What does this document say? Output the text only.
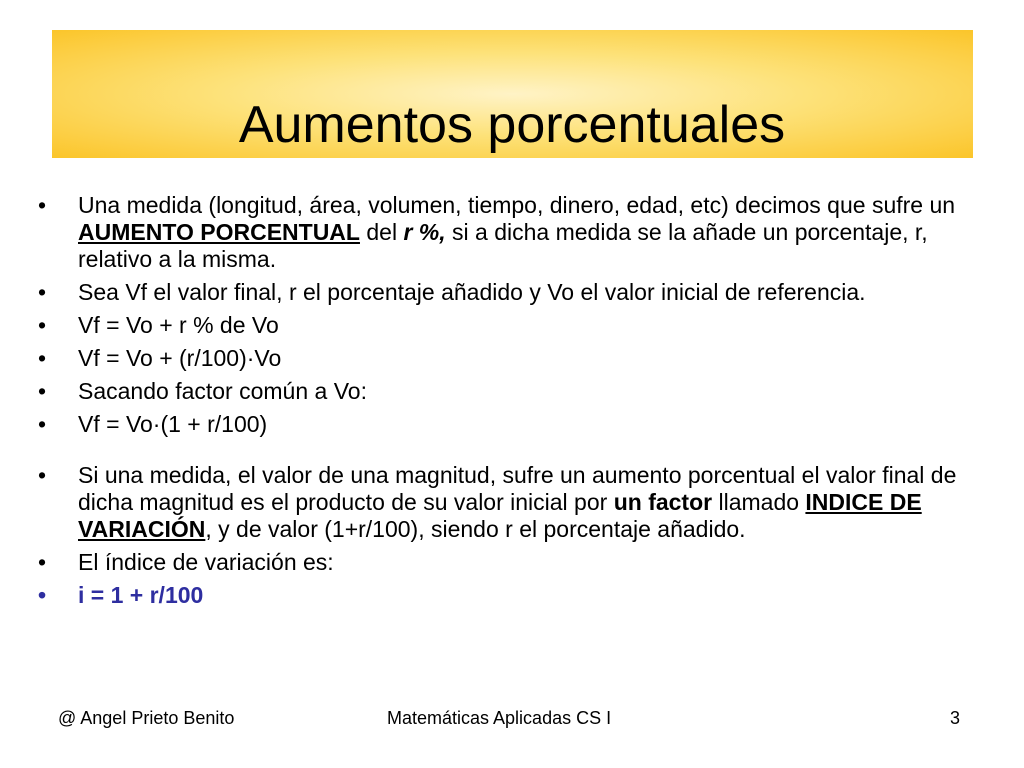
Aumentos porcentuales
• Una medida (longitud, área, volumen, tiempo, dinero, edad, etc) decimos que sufre un AUMENTO PORCENTUAL del r %, si a dicha medida se la añade un porcentaje, r, relativo a la misma.
• Sea Vf el valor final, r el porcentaje añadido y Vo el valor inicial de referencia.
• Vf = Vo + r % de Vo
• Vf = Vo + (r/100)·Vo
• Sacando factor común a Vo:
• Vf = Vo·(1 + r/100)
• Si una medida, el valor de una magnitud, sufre un aumento porcentual el valor final de dicha magnitud es el producto de su valor inicial por un factor llamado INDICE DE VARIACIÓN, y de valor (1+r/100), siendo r el porcentaje añadido.
• El índice de variación es:
• i = 1 + r/100
@ Angel Prieto Benito	Matemáticas Aplicadas CS I	3
